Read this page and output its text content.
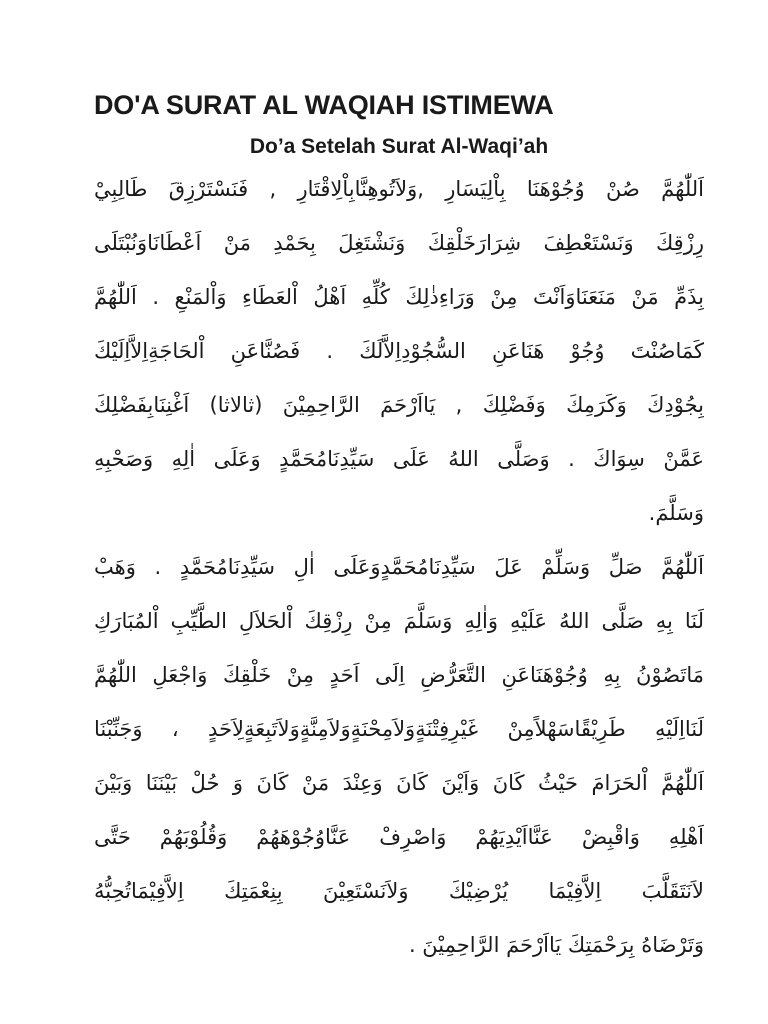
DO'A SURAT AL WAQIAH ISTIMEWA
Do’a Setelah Surat Al-Waqi’ah
اَللّٰهُمَّ صُنْ وُجُوْهَنَا بِاْلِيَسَارِ ,وَلاَتُوهِنَّابِاْلِاقْتَارِ , فَنَسْتَرْزِقَ طَالِبِيْ
رِزْقِكَ وَنَسْتَعْطِفَ شِرَارَخَلْقِكَ وَنَشْتَغِلَ بِحَمْدِ مَنْ اَعْطَانَاوَنُبْتَلَى
بِذَمِّ مَنْ مَنَعَنَاوَاَنْتَ مِنْ وَرَاءِذٰلِكَ كُلِّهِ اَهْلُ اْلعَطَاءِ وَاْلمَنْعِ . اَللّٰهُمَّ
كَمَاصُنْتَ وُجُوْ هَنَاعَنِ السُّجُوْدِاِلاَّلَكَ . فَصُنَّاعَنِ اْلحَاجَةِاِلاَّاِلَيْكَ
بِجُوْدِكَ وَكَرَمِكَ وَفَضْلِكَ , يَااَرْحَمَ الرَّاحِمِيْنَ (ثالاثا) اَغْنِنَابِفَضْلِكَ
عَمَّنْ سِوَاكَ . وَصَلَّى اللهُ عَلَى سَيِّدِنَامُحَمَّدٍ وَعَلَى اٰلِهِ وَصَحْبِهِ
وَسَلَّمَ.
اَللّٰهُمَّ صَلِّ وَسَلِّمْ عَلَ سَيِّدِنَامُحَمَّدٍوَعَلَى اٰلِ سَيِّدِنَامُحَمَّدٍ . وَهَبْ
لَنَا بِهِ صَلَّى اللهُ عَلَيْهِ وَاٰلِهِ وَسَلَّمَ مِنْ رِزْقِكَ اْلحَلاَلِ الطَّيِّبِ اْلمُبَارَكِ
مَاتَصُوْنُ بِهِ وُجُوْهَنَاعَنِ التَّعَرُّضِ اِلَى اَحَدٍ مِنْ خَلْقِكَ وَاجْعَلِ اللّٰهُمَّ
لَنَااِلَيْهِ طَرِيْقًاسَهْلاًمِنْ غَيْرِفِتْنَةٍوَلاَمِحْنَةٍوَلاَمِنَّةٍوَلاَتَبِعَةٍلِاَحَدٍ ، وَجَنِّبْنَا
اَللّٰهُمَّ اْلحَرَامَ حَيْثُ كَانَ وَاَيْنَ كَانَ وَعِنْدَ مَنْ كَانَ وَ حُلْ بَيْنَنَا وَبَيْنَ
اَهْلِهِ وَاقْبِضْ عَنَّااَيْدِيَهُمْ وَاصْرِفْ عَنَّاوُجُوْهَهُمْ وَقُلُوْبَهُمْ حَتَّى
لاَنَتَقَلَّبَ اِلاَّفِيْمَا يُرْضِيْكَ وَلاَنَسْتَعِيْنَ بِنِعْمَتِكَ اِلاَّفِيْمَاتُحِبُّهُ
وَتَرْضَاهُ بِرَحْمَتِكَ يَااَرْحَمَ الرَّاحِمِيْنَ .
